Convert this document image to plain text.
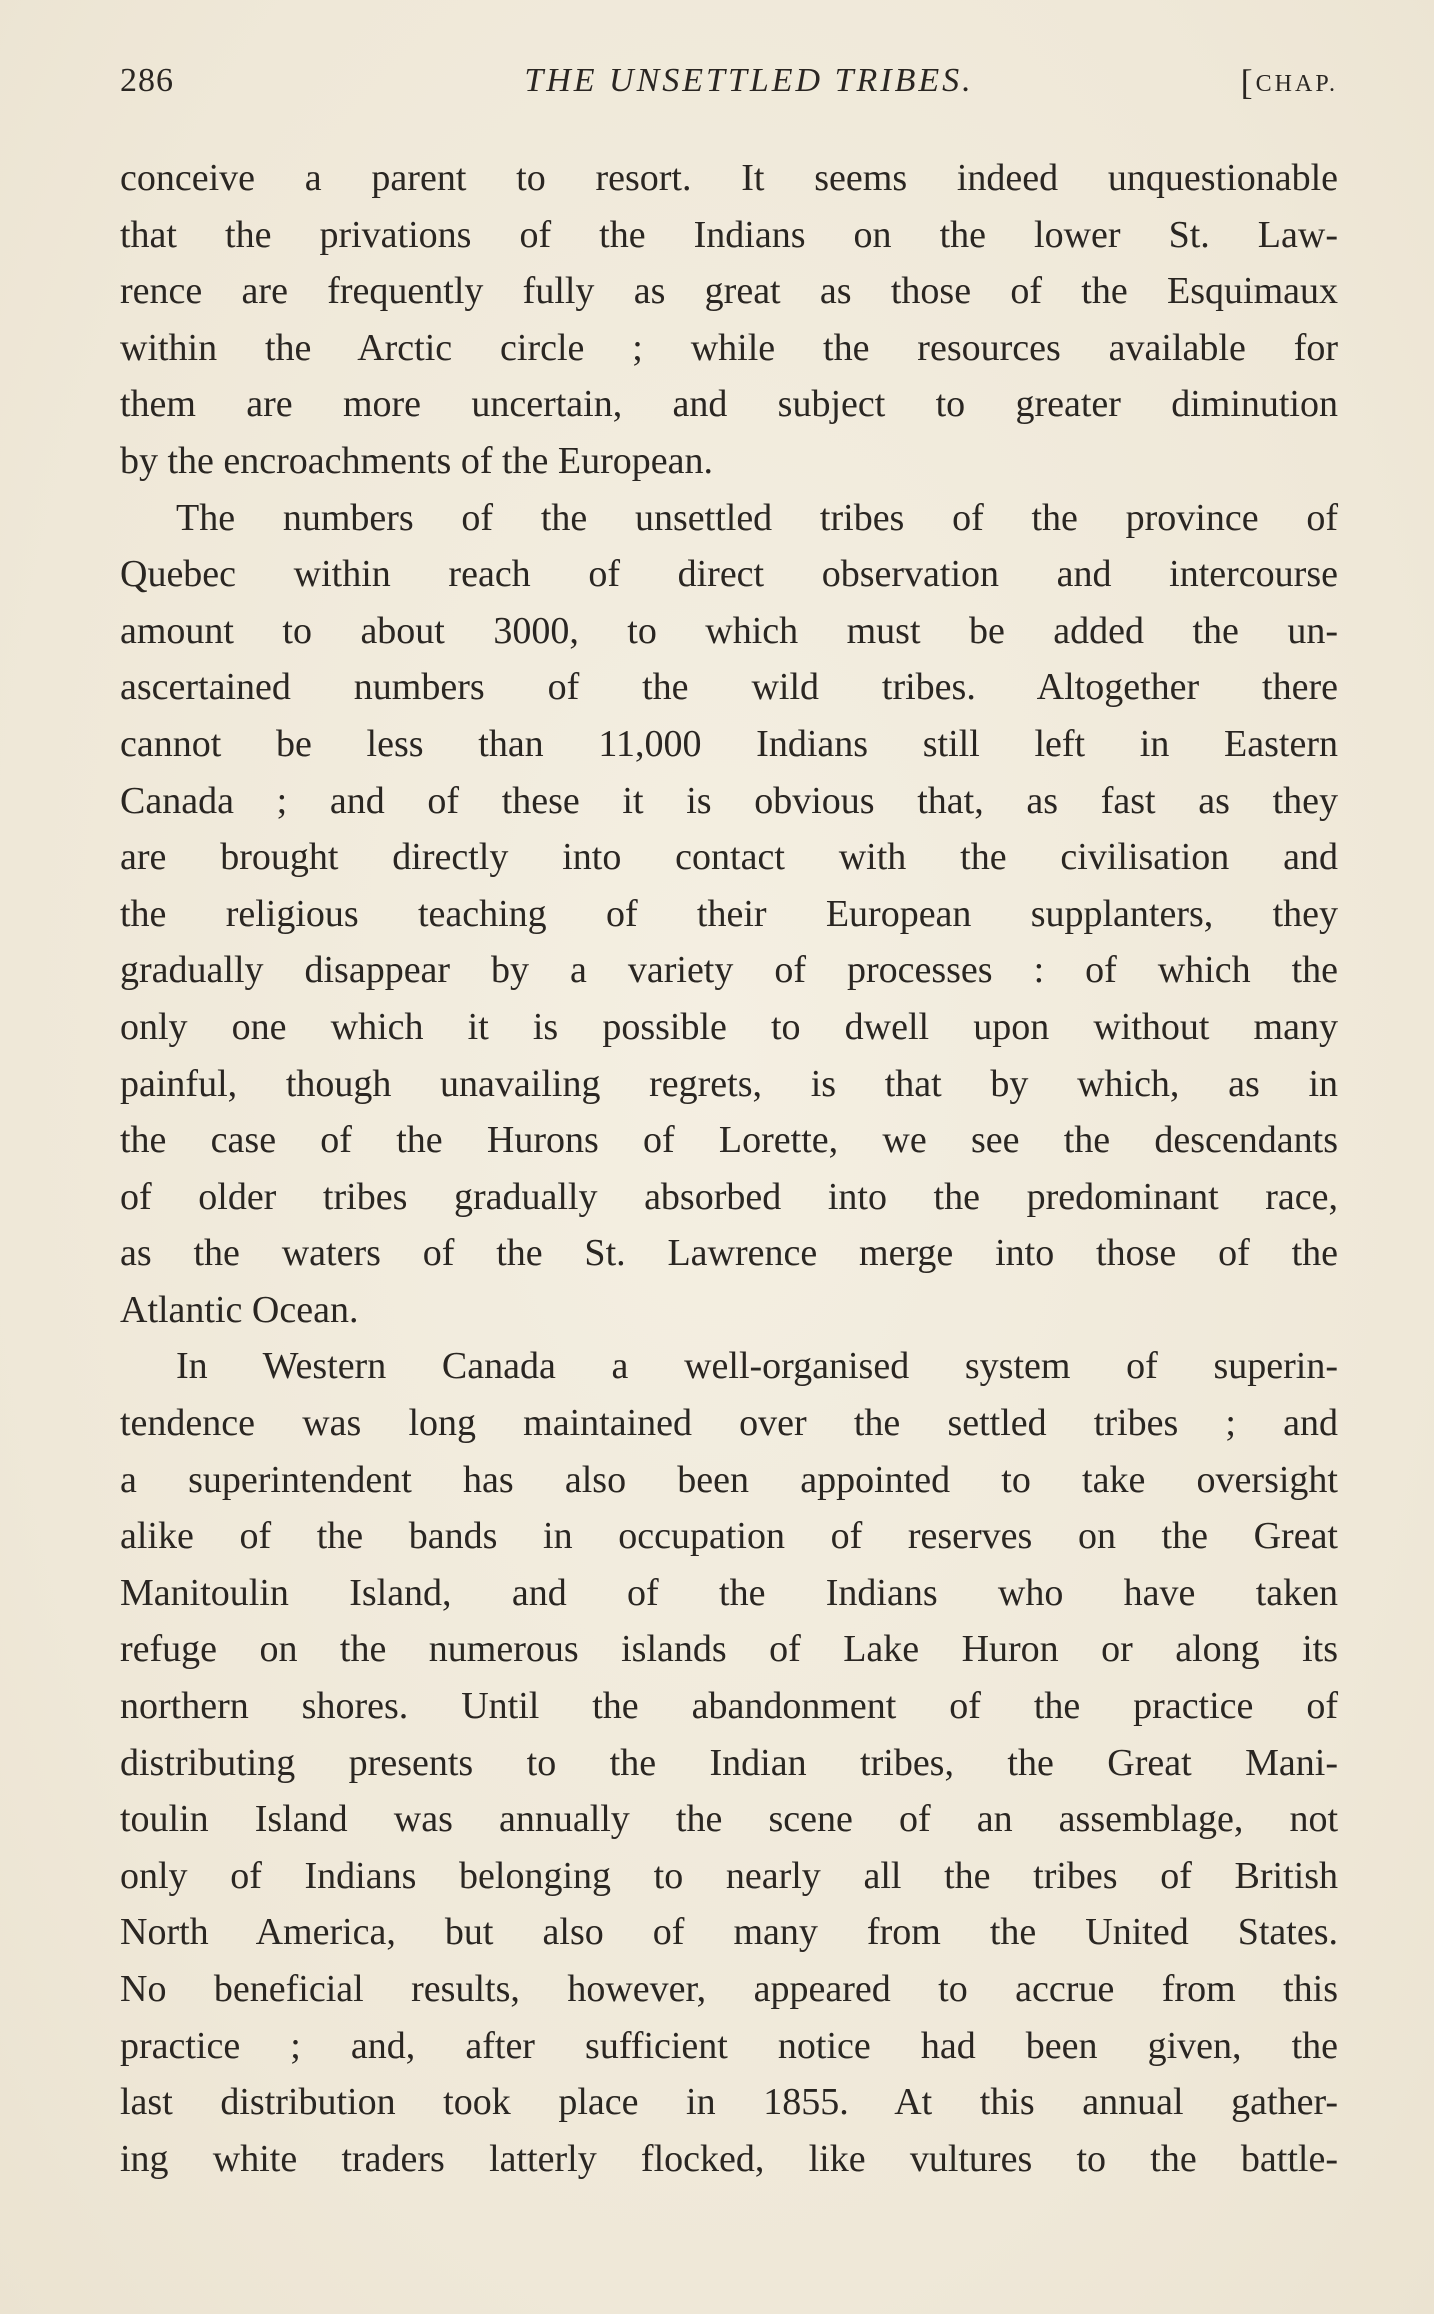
286	THE UNSETTLED TRIBES.	[CHAP.
conceive a parent to resort. It seems indeed unquestionable
that the privations of the Indians on the lower St. Law-
rence are frequently fully as great as those of the Esquimaux
within the Arctic circle ; while the resources available for
them are more uncertain, and subject to greater diminution
by the encroachments of the European.
The numbers of the unsettled tribes of the province of
Quebec within reach of direct observation and intercourse
amount to about 3000, to which must be added the un-
ascertained numbers of the wild tribes. Altogether there
cannot be less than 11,000 Indians still left in Eastern
Canada ; and of these it is obvious that, as fast as they
are brought directly into contact with the civilisation and
the religious teaching of their European supplanters, they
gradually disappear by a variety of processes : of which the
only one which it is possible to dwell upon without many
painful, though unavailing regrets, is that by which, as in
the case of the Hurons of Lorette, we see the descendants
of older tribes gradually absorbed into the predominant race,
as the waters of the St. Lawrence merge into those of the
Atlantic Ocean.
In Western Canada a well-organised system of superin-
tendence was long maintained over the settled tribes ; and
a superintendent has also been appointed to take oversight
alike of the bands in occupation of reserves on the Great
Manitoulin Island, and of the Indians who have taken
refuge on the numerous islands of Lake Huron or along its
northern shores. Until the abandonment of the practice of
distributing presents to the Indian tribes, the Great Mani-
toulin Island was annually the scene of an assemblage, not
only of Indians belonging to nearly all the tribes of British
North America, but also of many from the United States.
No beneficial results, however, appeared to accrue from this
practice ; and, after sufficient notice had been given, the
last distribution took place in 1855. At this annual gather-
ing white traders latterly flocked, like vultures to the battle-
